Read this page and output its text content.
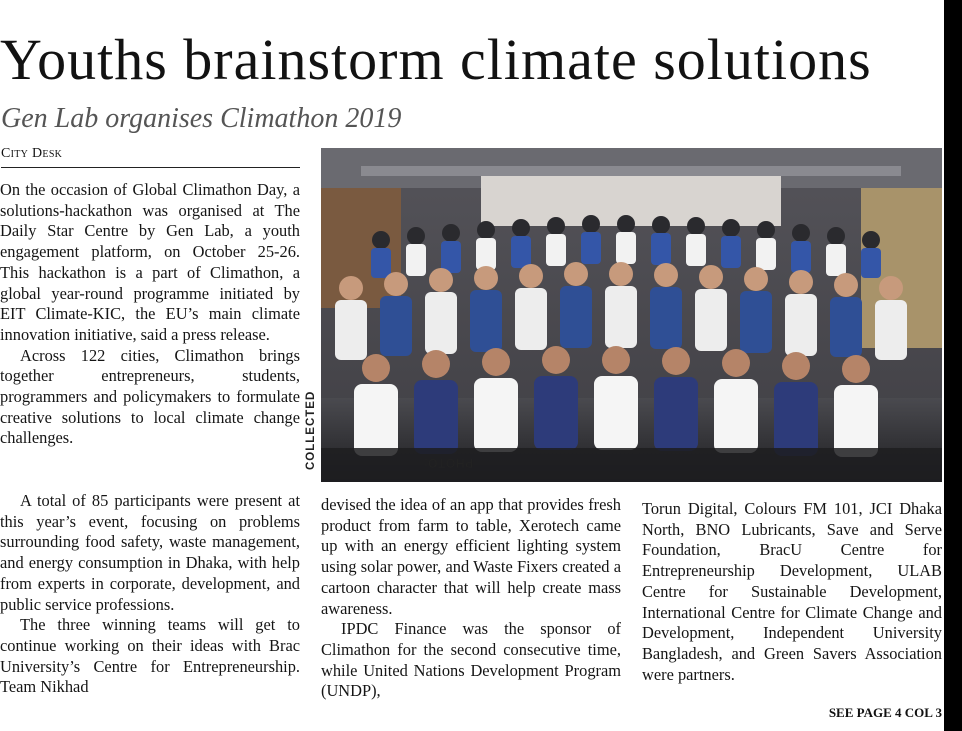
Youths brainstorm climate solutions
Gen Lab organises Climathon 2019
City Desk

On the occasion of Global Climathon Day, a solutions-hackathon was organised at The Daily Star Centre by Gen Lab, a youth engagement platform, on October 25-26. This hackathon is a part of Climathon, a global year-round programme initiated by EIT Climate-KIC, the EU’s main climate innovation initiative, said a press release.

Across 122 cities, Climathon brings together entrepreneurs, students, programmers and policymakers to formulate creative solutions to local climate change challenges.

A total of 85 participants were present at this year’s event, focusing on problems surrounding food safety, waste management, and energy consumption in Dhaka, with help from experts in corporate, development, and public service professions.

The three winning teams will get to continue working on their ideas with Brac University’s Centre for Entrepreneurship. Team Nikhad

devised the idea of an app that provides fresh product from farm to table, Xerotech came up with an energy efficient lighting system using solar power, and Waste Fixers created a cartoon character that will help create mass awareness.

IPDC Finance was the sponsor of Climathon for the second consecutive time, while United Nations Development Program (UNDP),

Torun Digital, Colours FM 101, JCI Dhaka North, BNO Lubricants, Save and Serve Foundation, BracU Centre for Entrepreneurship Development, ULAB Centre for Sustainable Development, International Centre for Climate Change and Development, Independent University Bangladesh, and Green Savers Association were partners.

PHOTO:
COLLECTED
SEE PAGE 4 COL 3
